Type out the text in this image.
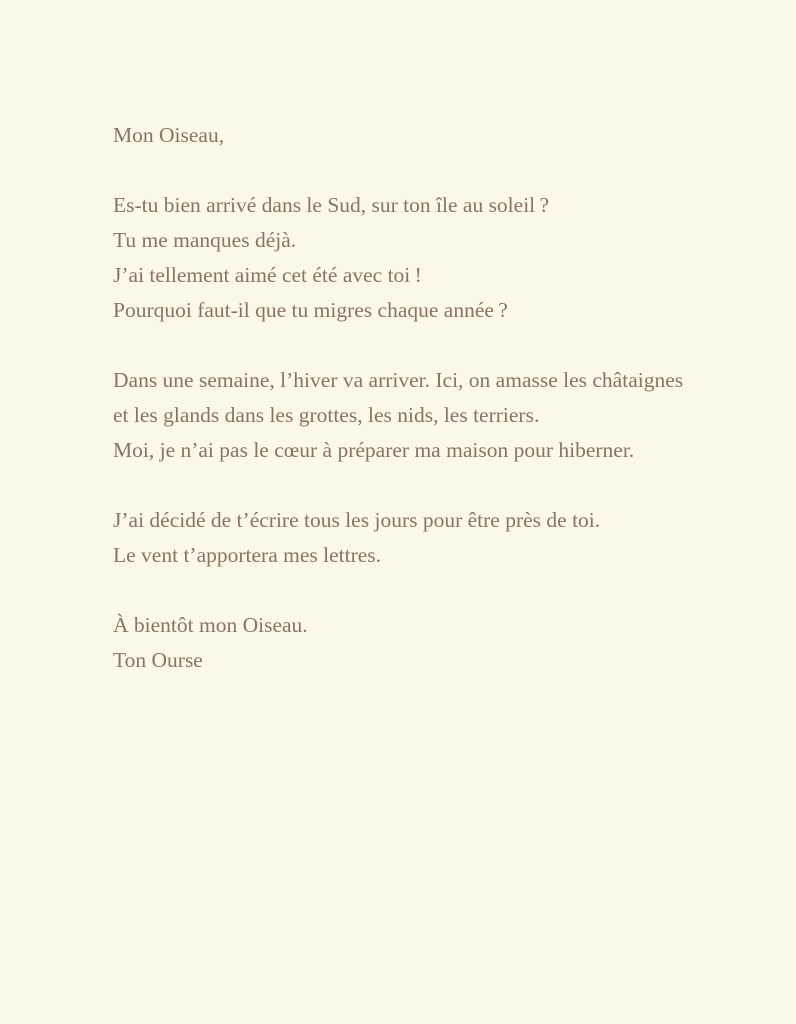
Mon Oiseau,

Es-tu bien arrivé dans le Sud, sur ton île au soleil ?
Tu me manques déjà.
J’ai tellement aimé cet été avec toi !
Pourquoi faut-il que tu migres chaque année ?

Dans une semaine, l’hiver va arriver. Ici, on amasse les châtaignes
et les glands dans les grottes, les nids, les terriers.
Moi, je n’ai pas le cœur à préparer ma maison pour hiberner.

J’ai décidé de t’écrire tous les jours pour être près de toi.
Le vent t’apportera mes lettres.

À bientôt mon Oiseau.
Ton Ourse
